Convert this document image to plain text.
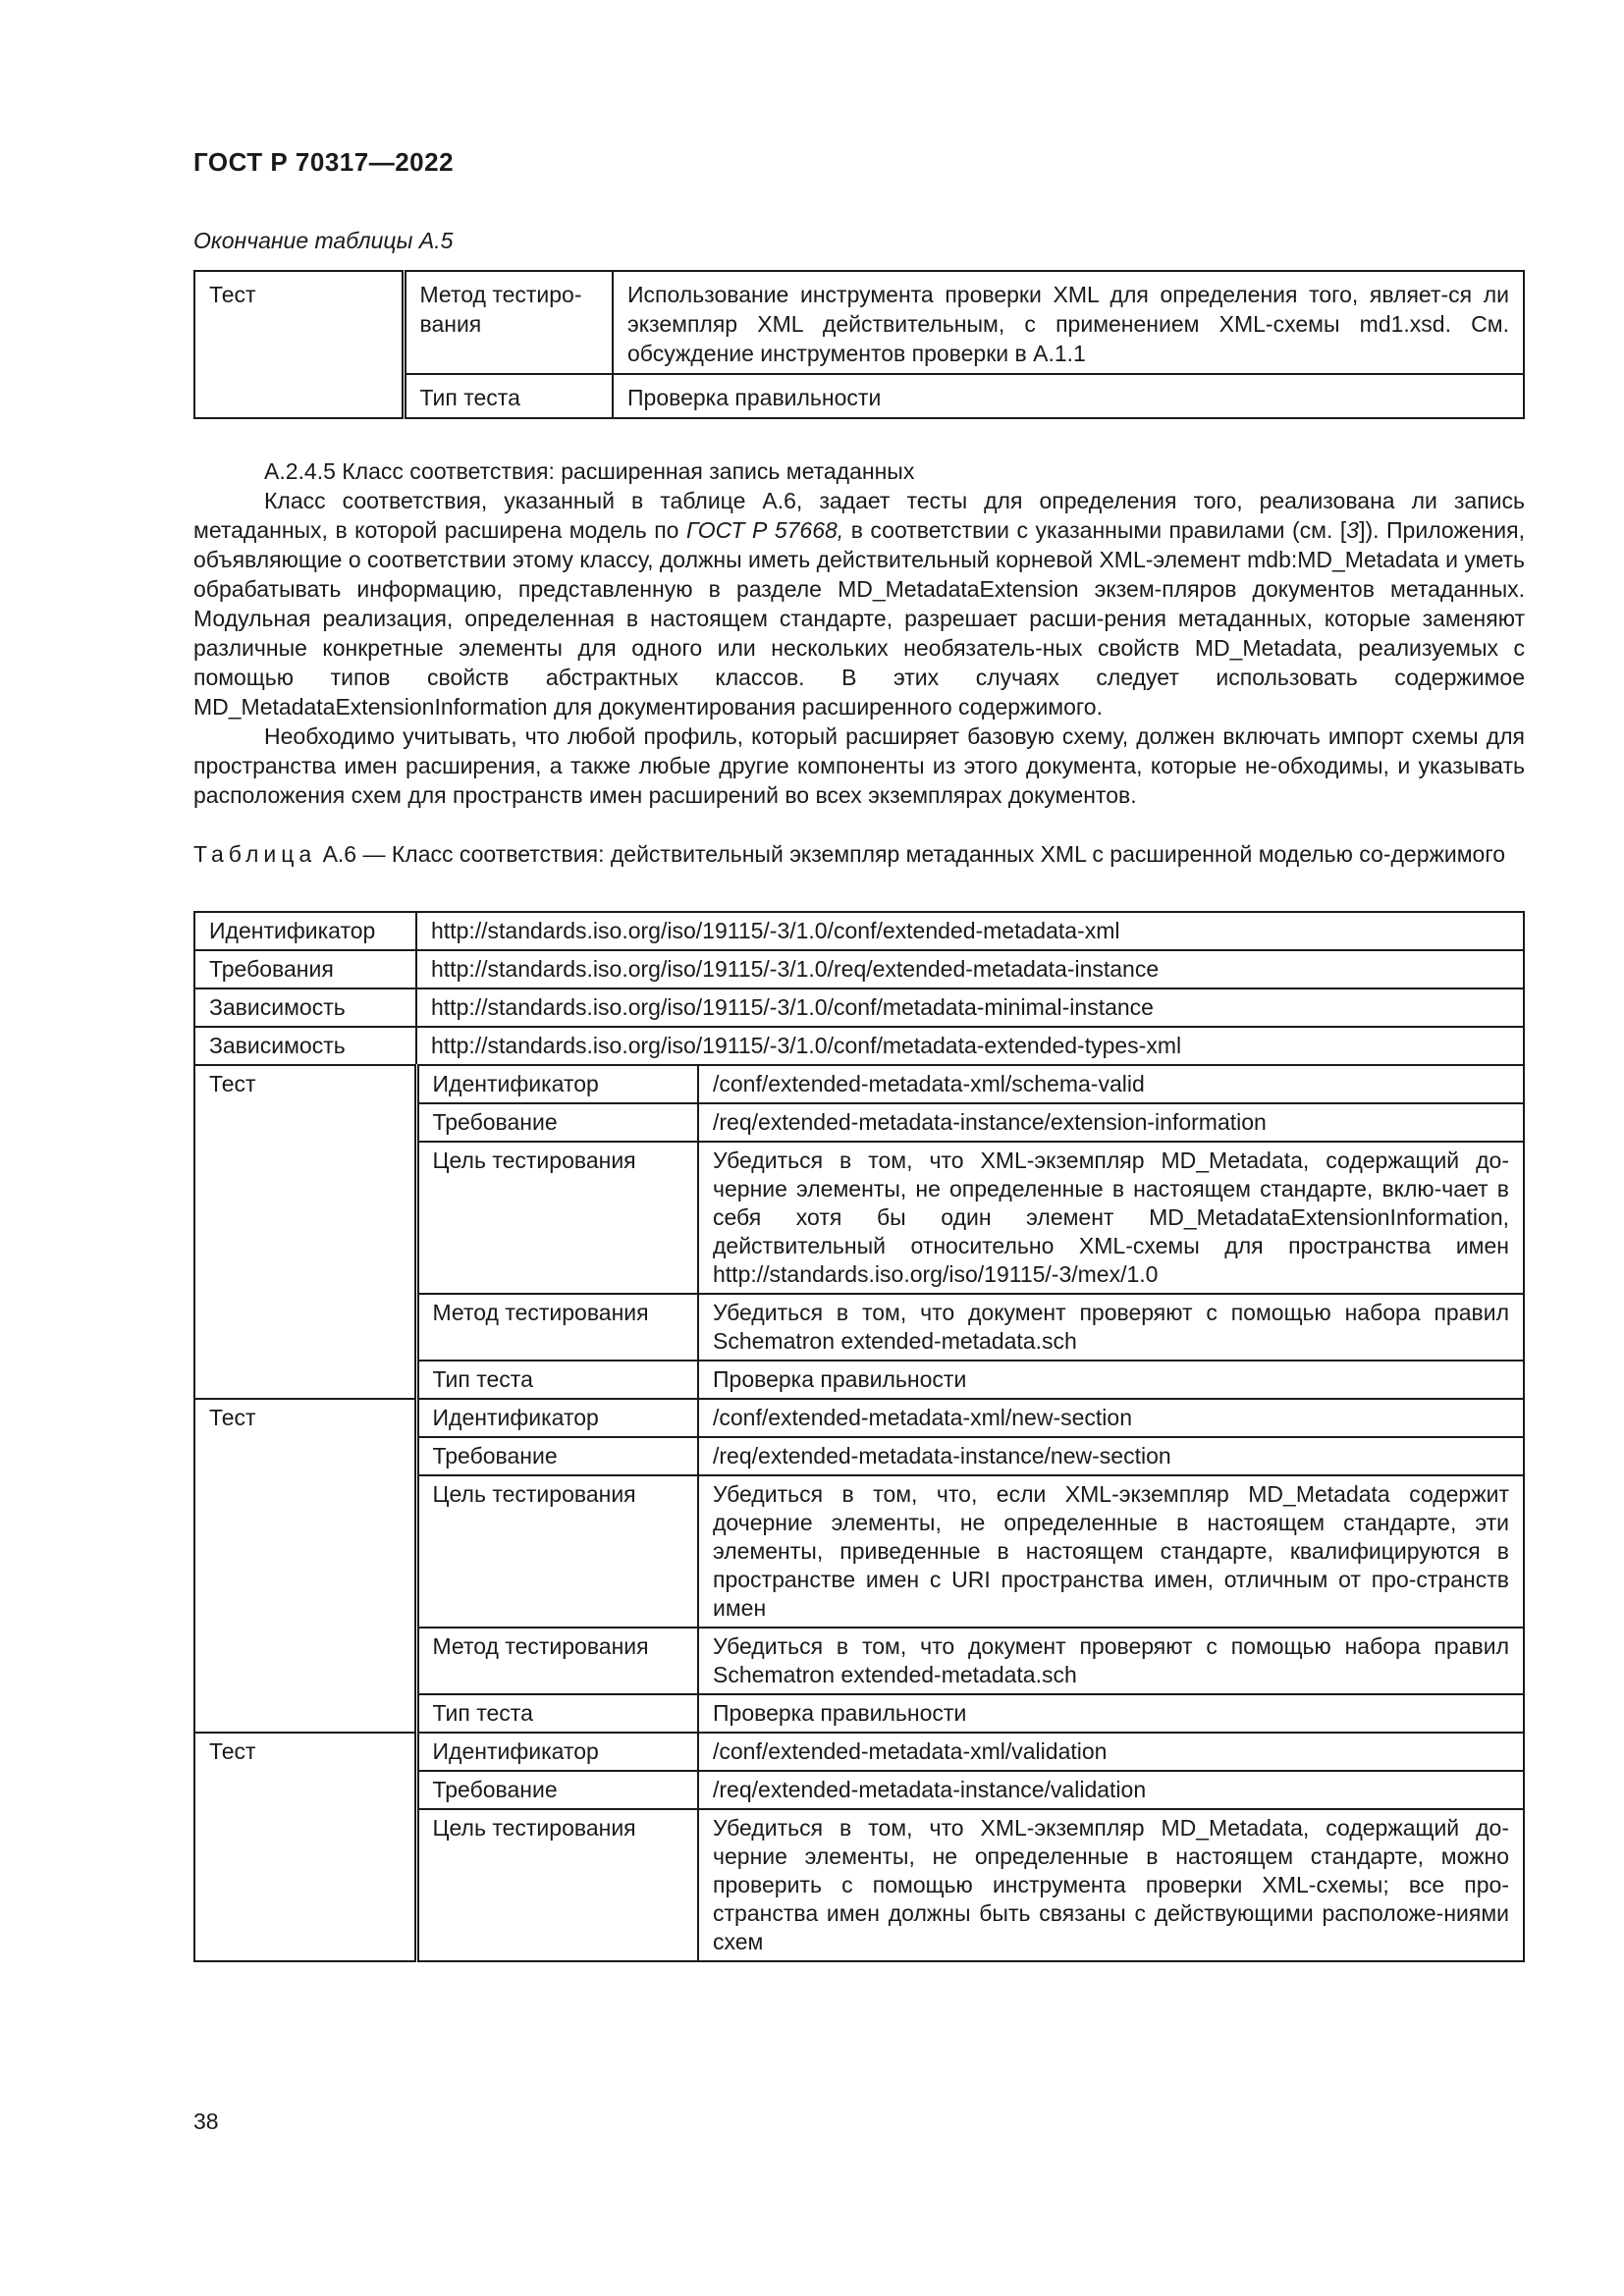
ГОСТ Р 70317—2022
Окончание таблицы А.5
Тест	Метод тестиро-вания	Использование инструмента проверки XML для определения того, являет-ся ли экземпляр XML действительным, с применением XML-схемы md1.xsd. См. обсуждение инструментов проверки в А.1.1
	Тип теста	Проверка правильности

А.2.4.5 Класс соответствия: расширенная запись метаданных

Класс соответствия, указанный в таблице А.6, задает тесты для определения того, реализована ли запись метаданных, в которой расширена модель по ГОСТ Р 57668, в соответствии с указанными правилами (см. [3]). Приложения, объявляющие о соответствии этому классу, должны иметь действительный корневой XML-элемент mdb:MD_Metadata и уметь обрабатывать информацию, представленную в разделе MD_MetadataExtension экзем-пляров документов метаданных. Модульная реализация, определенная в настоящем стандарте, разрешает расши-рения метаданных, которые заменяют различные конкретные элементы для одного или нескольких необязатель-ных свойств MD_Metadata, реализуемых с помощью типов свойств абстрактных классов. В этих случаях следует использовать содержимое MD_MetadataExtensionInformation для документирования расширенного содержимого.

Необходимо учитывать, что любой профиль, который расширяет базовую схему, должен включать импорт схемы для пространства имен расширения, а также любые другие компоненты из этого документа, которые не-обходимы, и указывать расположения схем для пространств имен расширений во всех экземплярах документов.

Таблица А.6 — Класс соответствия: действительный экземпляр метаданных XML с расширенной моделью со-держимого
Идентификатор	http://standards.iso.org/iso/19115/-3/1.0/conf/extended-metadata-xml	
Требования	http://standards.iso.org/iso/19115/-3/1.0/req/extended-metadata-instance	
Зависимость	http://standards.iso.org/iso/19115/-3/1.0/conf/metadata-minimal-instance	
Зависимость	http://standards.iso.org/iso/19115/-3/1.0/conf/metadata-extended-types-xml	
Тест	Идентификатор	/conf/extended-metadata-xml/schema-valid
	Требование	/req/extended-metadata-instance/extension-information
	Цель тестирования	Убедиться в том, что XML-экземпляр MD_Metadata, содержащий до-черние элементы, не определенные в настоящем стандарте, вклю-чает в себя хотя бы один элемент MD_MetadataExtensionInformation, действительный относительно XML-схемы для пространства имен http://standards.iso.org/iso/19115/-3/mex/1.0
	Метод тестирования	Убедиться в том, что документ проверяют с помощью набора правил Schematron extended-metadata.sch
	Тип теста	Проверка правильности
Тест	Идентификатор	/conf/extended-metadata-xml/new-section
	Требование	/req/extended-metadata-instance/new-section
	Цель тестирования	Убедиться в том, что, если XML-экземпляр MD_Metadata содержит дочерние элементы, не определенные в настоящем стандарте, эти элементы, приведенные в настоящем стандарте, квалифицируются в пространстве имен с URI пространства имен, отличным от про-странств имен
	Метод тестирования	Убедиться в том, что документ проверяют с помощью набора правил Schematron extended-metadata.sch
	Тип теста	Проверка правильности
Тест	Идентификатор	/conf/extended-metadata-xml/validation
	Требование	/req/extended-metadata-instance/validation
	Цель тестирования	Убедиться в том, что XML-экземпляр MD_Metadata, содержащий до-черние элементы, не определенные в настоящем стандарте, можно проверить с помощью инструмента проверки XML-схемы; все про-странства имен должны быть связаны с действующими расположе-ниями схем
38
